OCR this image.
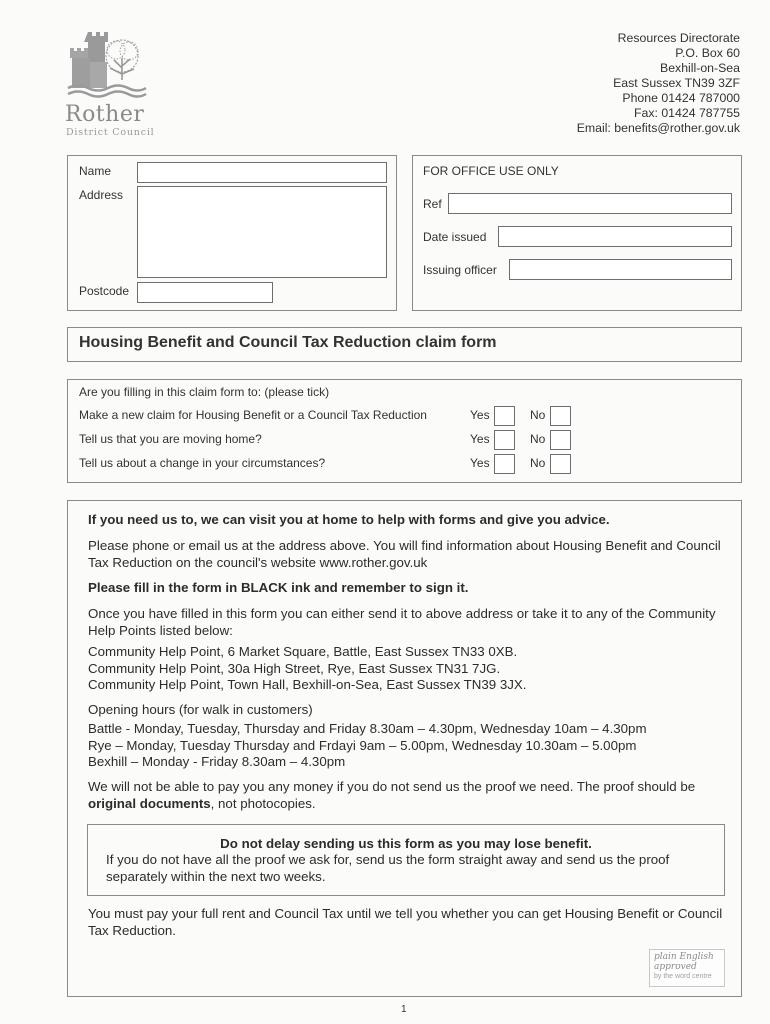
Rother
District Council
Resources Directorate
P.O. Box 60
Bexhill-on-Sea
East Sussex TN39 3ZF
Phone 01424 787000
Fax: 01424 787755
Email: benefits@rother.gov.uk
Name
Address
Postcode
FOR OFFICE USE ONLY
Ref
Date issued
Issuing officer
Housing Benefit and Council Tax Reduction claim form
Are you filling in this claim form to: (please tick)
Make a new claim for Housing Benefit or a Council Tax Reduction	Yes	No
Tell us that you are moving home?	Yes	No
Tell us about a change in your circumstances?	Yes	No
If you need us to, we can visit you at home to help with forms and give you advice.
Please phone or email us at the address above. You will find information about Housing Benefit and Council Tax Reduction on the council's website www.rother.gov.uk
Please fill in the form in BLACK ink and remember to sign it.
Once you have filled in this form you can either send it to above address or take it to any of the Community Help Points listed below:

Community Help Point, 6 Market Square, Battle, East Sussex TN33 0XB.

Community Help Point, 30a High Street, Rye, East Sussex TN31 7JG.

Community Help Point, Town Hall, Bexhill-on-Sea, East Sussex TN39 3JX.

Opening hours (for walk in customers)

Battle - Monday, Tuesday, Thursday and Friday 8.30am – 4.30pm, Wednesday 10am – 4.30pm

Rye – Monday, Tuesday Thursday and Frdayi 9am – 5.00pm, Wednesday 10.30am – 5.00pm

Bexhill – Monday - Friday 8.30am – 4.30pm

We will not be able to pay you any money if you do not send us the proof we need. The proof should be original documents, not photocopies.
Do not delay sending us this form as you may lose benefit.
If you do not have all the proof we ask for, send us the form straight away and send us the proof separately within the next two weeks.
You must pay your full rent and Council Tax until we tell you whether you can get Housing Benefit or Council Tax Reduction.
plain English
approved
by the word centre
1
